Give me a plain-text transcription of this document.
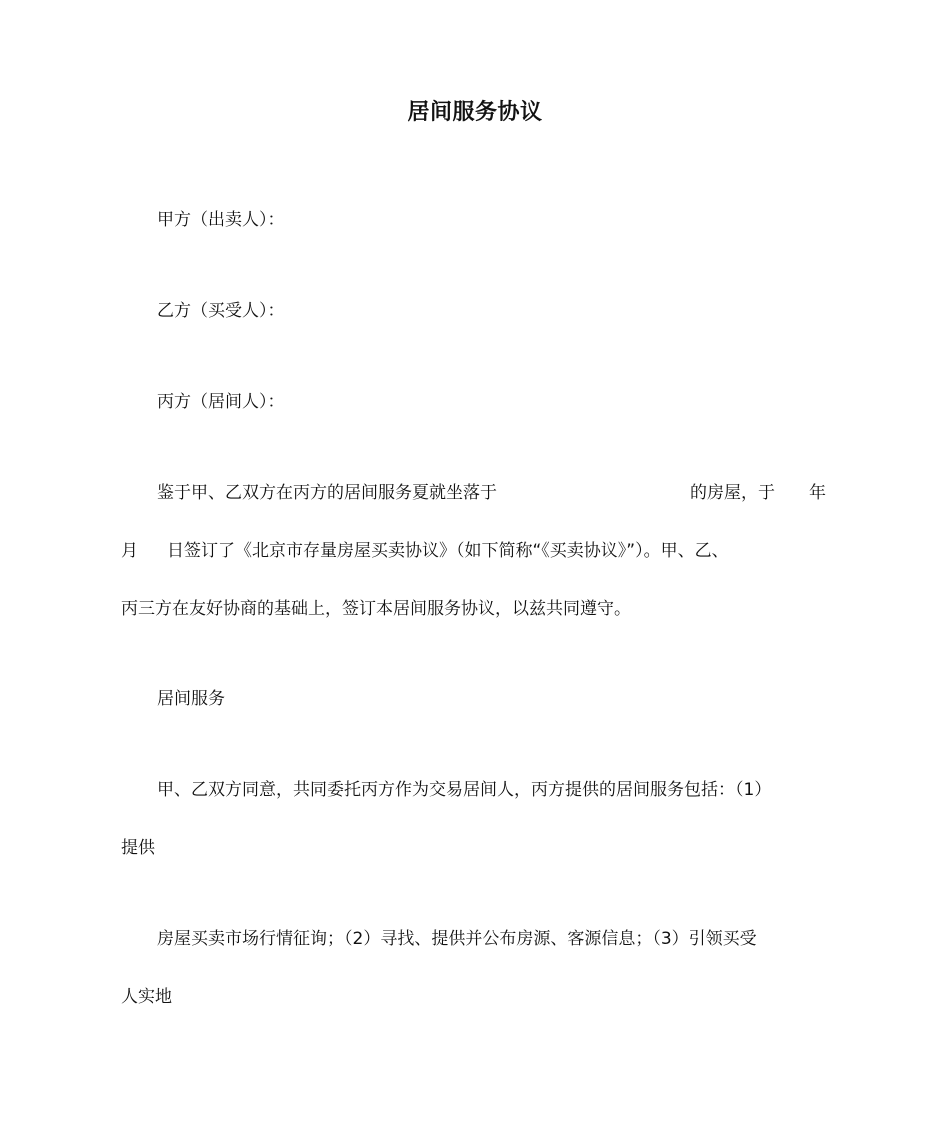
居间服务协议
甲方（出卖人）：
乙方（买受人）：
丙方（居间人）：
鉴于甲、乙双方在丙方的居间服务夏就坐落于	的房屋，于 年
月 日签订了《北京市存量房屋买卖协议》（如下简称“《买卖协议》”）。甲、乙、
丙三方在友好协商的基础上，签订本居间服务协议，以兹共同遵守。
居间服务
甲、乙双方同意，共同委托丙方作为交易居间人，丙方提供的居间服务包括：（1）
提供
房屋买卖市场行情征询；（2）寻找、提供并公布房源、客源信息；（3）引领买受
人实地
